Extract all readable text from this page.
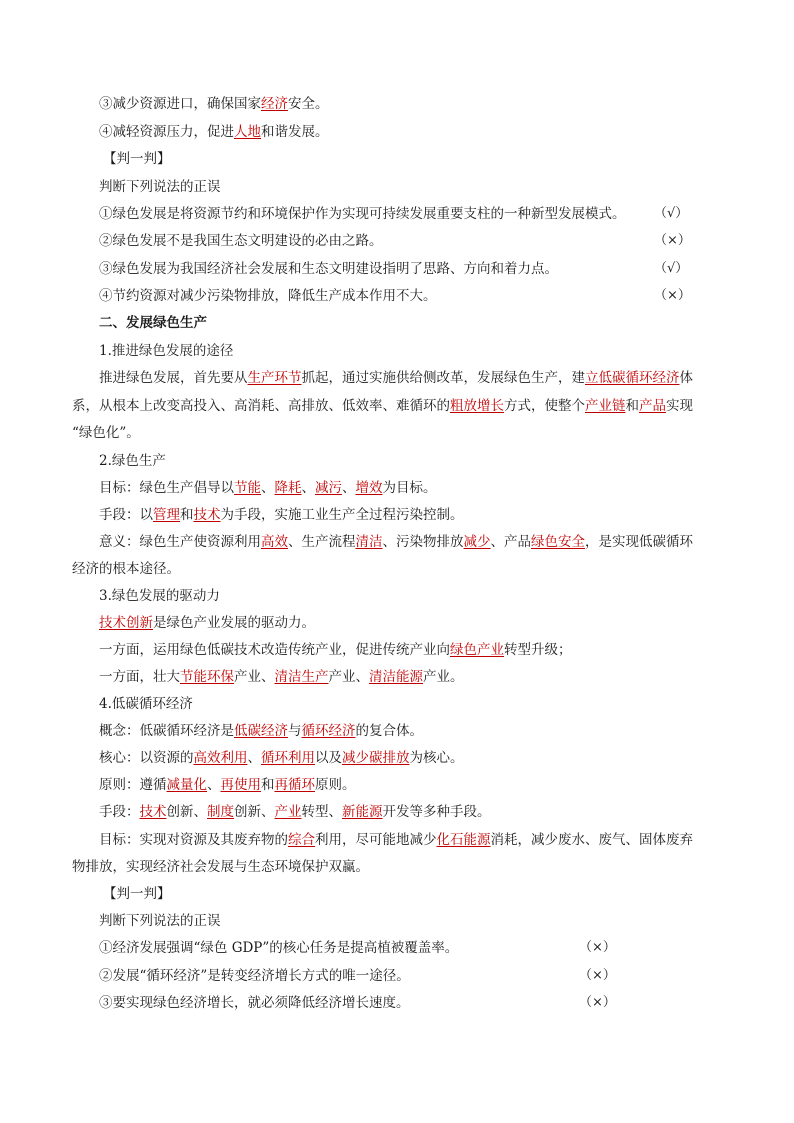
③减少资源进口，确保国家经济安全。
④减轻资源压力，促进人地和谐发展。
【判一判】
判断下列说法的正误
①绿色发展是将资源节约和环境保护作为实现可持续发展重要支柱的一种新型发展模式。	（√）
②绿色发展不是我国生态文明建设的必由之路。	（×）
③绿色发展为我国经济社会发展和生态文明建设指明了思路、方向和着力点。	（√）
④节约资源对减少污染物排放，降低生产成本作用不大。	（×）
二、发展绿色生产
1.推进绿色发展的途径
推进绿色发展，首先要从生产环节抓起，通过实施供给侧改革，发展绿色生产，建立低碳循环经济体
系，从根本上改变高投入、高消耗、高排放、低效率、难循环的粗放增长方式，使整个产业链和产品实现
“绿色化”。
2.绿色生产
目标：绿色生产倡导以节能、降耗、减污、增效为目标。
手段：以管理和技术为手段，实施工业生产全过程污染控制。
意义：绿色生产使资源利用高效、生产流程清洁、污染物排放减少、产品绿色安全，是实现低碳循环
经济的根本途径。
3.绿色发展的驱动力
技术创新是绿色产业发展的驱动力。
一方面，运用绿色低碳技术改造传统产业，促进传统产业向绿色产业转型升级；
一方面，壮大节能环保产业、清洁生产产业、清洁能源产业。
4.低碳循环经济
概念：低碳循环经济是低碳经济与循环经济的复合体。
核心：以资源的高效利用、循环利用以及减少碳排放为核心。
原则：遵循减量化、再使用和再循环原则。
手段：技术创新、制度创新、产业转型、新能源开发等多种手段。
目标：实现对资源及其废弃物的综合利用，尽可能地减少化石能源消耗，减少废水、废气、固体废弃
物排放，实现经济社会发展与生态环境保护双赢。
【判一判】
判断下列说法的正误
①经济发展强调“绿色 GDP”的核心任务是提高植被覆盖率。	（×）
②发展“循环经济”是转变经济增长方式的唯一途径。	（×）
③要实现绿色经济增长，就必须降低经济增长速度。	（×）
